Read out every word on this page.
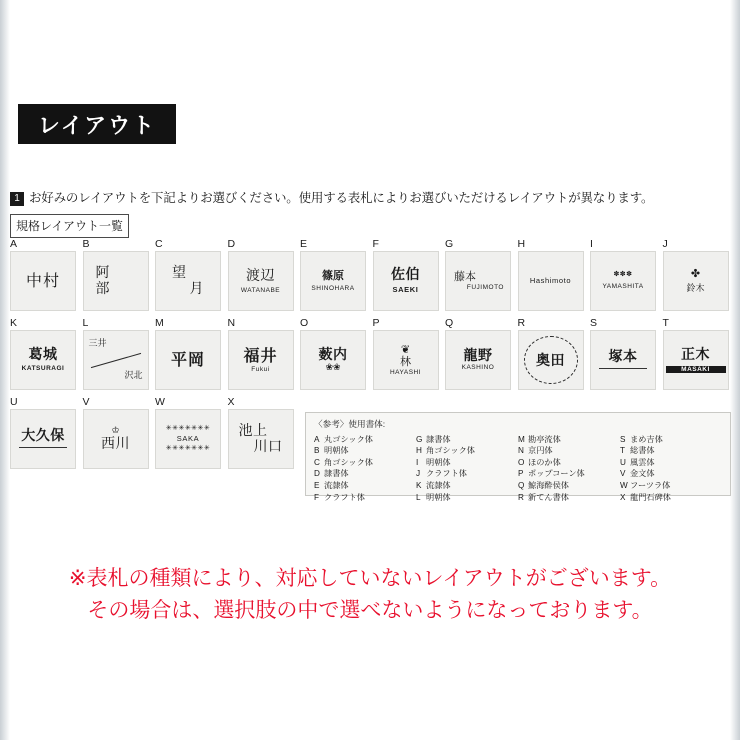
レイアウト
1 お好みのレイアウトを下記よりお選びください。使用する表札によりお選びいただけるレイアウトが異なります。
規格レイアウト一覧
A
中村
B
阿
部
C
望
月
D
渡辺
WATANABE
E
篠原
SHINOHARA
F
佐伯
SAEKI
G
藤本
FUJIMOTO
H
Hashimoto
I
✽✽✽
YAMASHITA
J
✤
鈴木
K
葛城
KATSURAGI
L
三井
沢北
M
平岡
N
福井
Fukui
O
薮内
❀❀
P
❦
林
HAYASHI
Q
龍野
KASHINO
R
奥田
S
塚本
T
正木
MASAKI
U
大久保
V
♔
西川
W
✳✳✳✳✳✳✳
SAKA
✳✳✳✳✳✳✳
X
池上
川口
〈参考〉使用書体:
A 丸ゴシック体
B 明朝体
C 角ゴシック体
D 隷書体
E 流隷体
F クラフト体
G 隷書体
H 角ゴシック体
I 明朝体
J クラフト体
K 流隷体
L 明朝体
M 勘亭流体
N 京円体
O ほのか体
P ポップコーン体
Q 鯨海酔侯体
R 新てん書体
S まめ吉体
T 総書体
U 風雲体
V 金文体
W フーツラ体
X 龍門石碑体
※表札の種類により、対応していないレイアウトがございます。
その場合は、選択肢の中で選べないようになっております。
